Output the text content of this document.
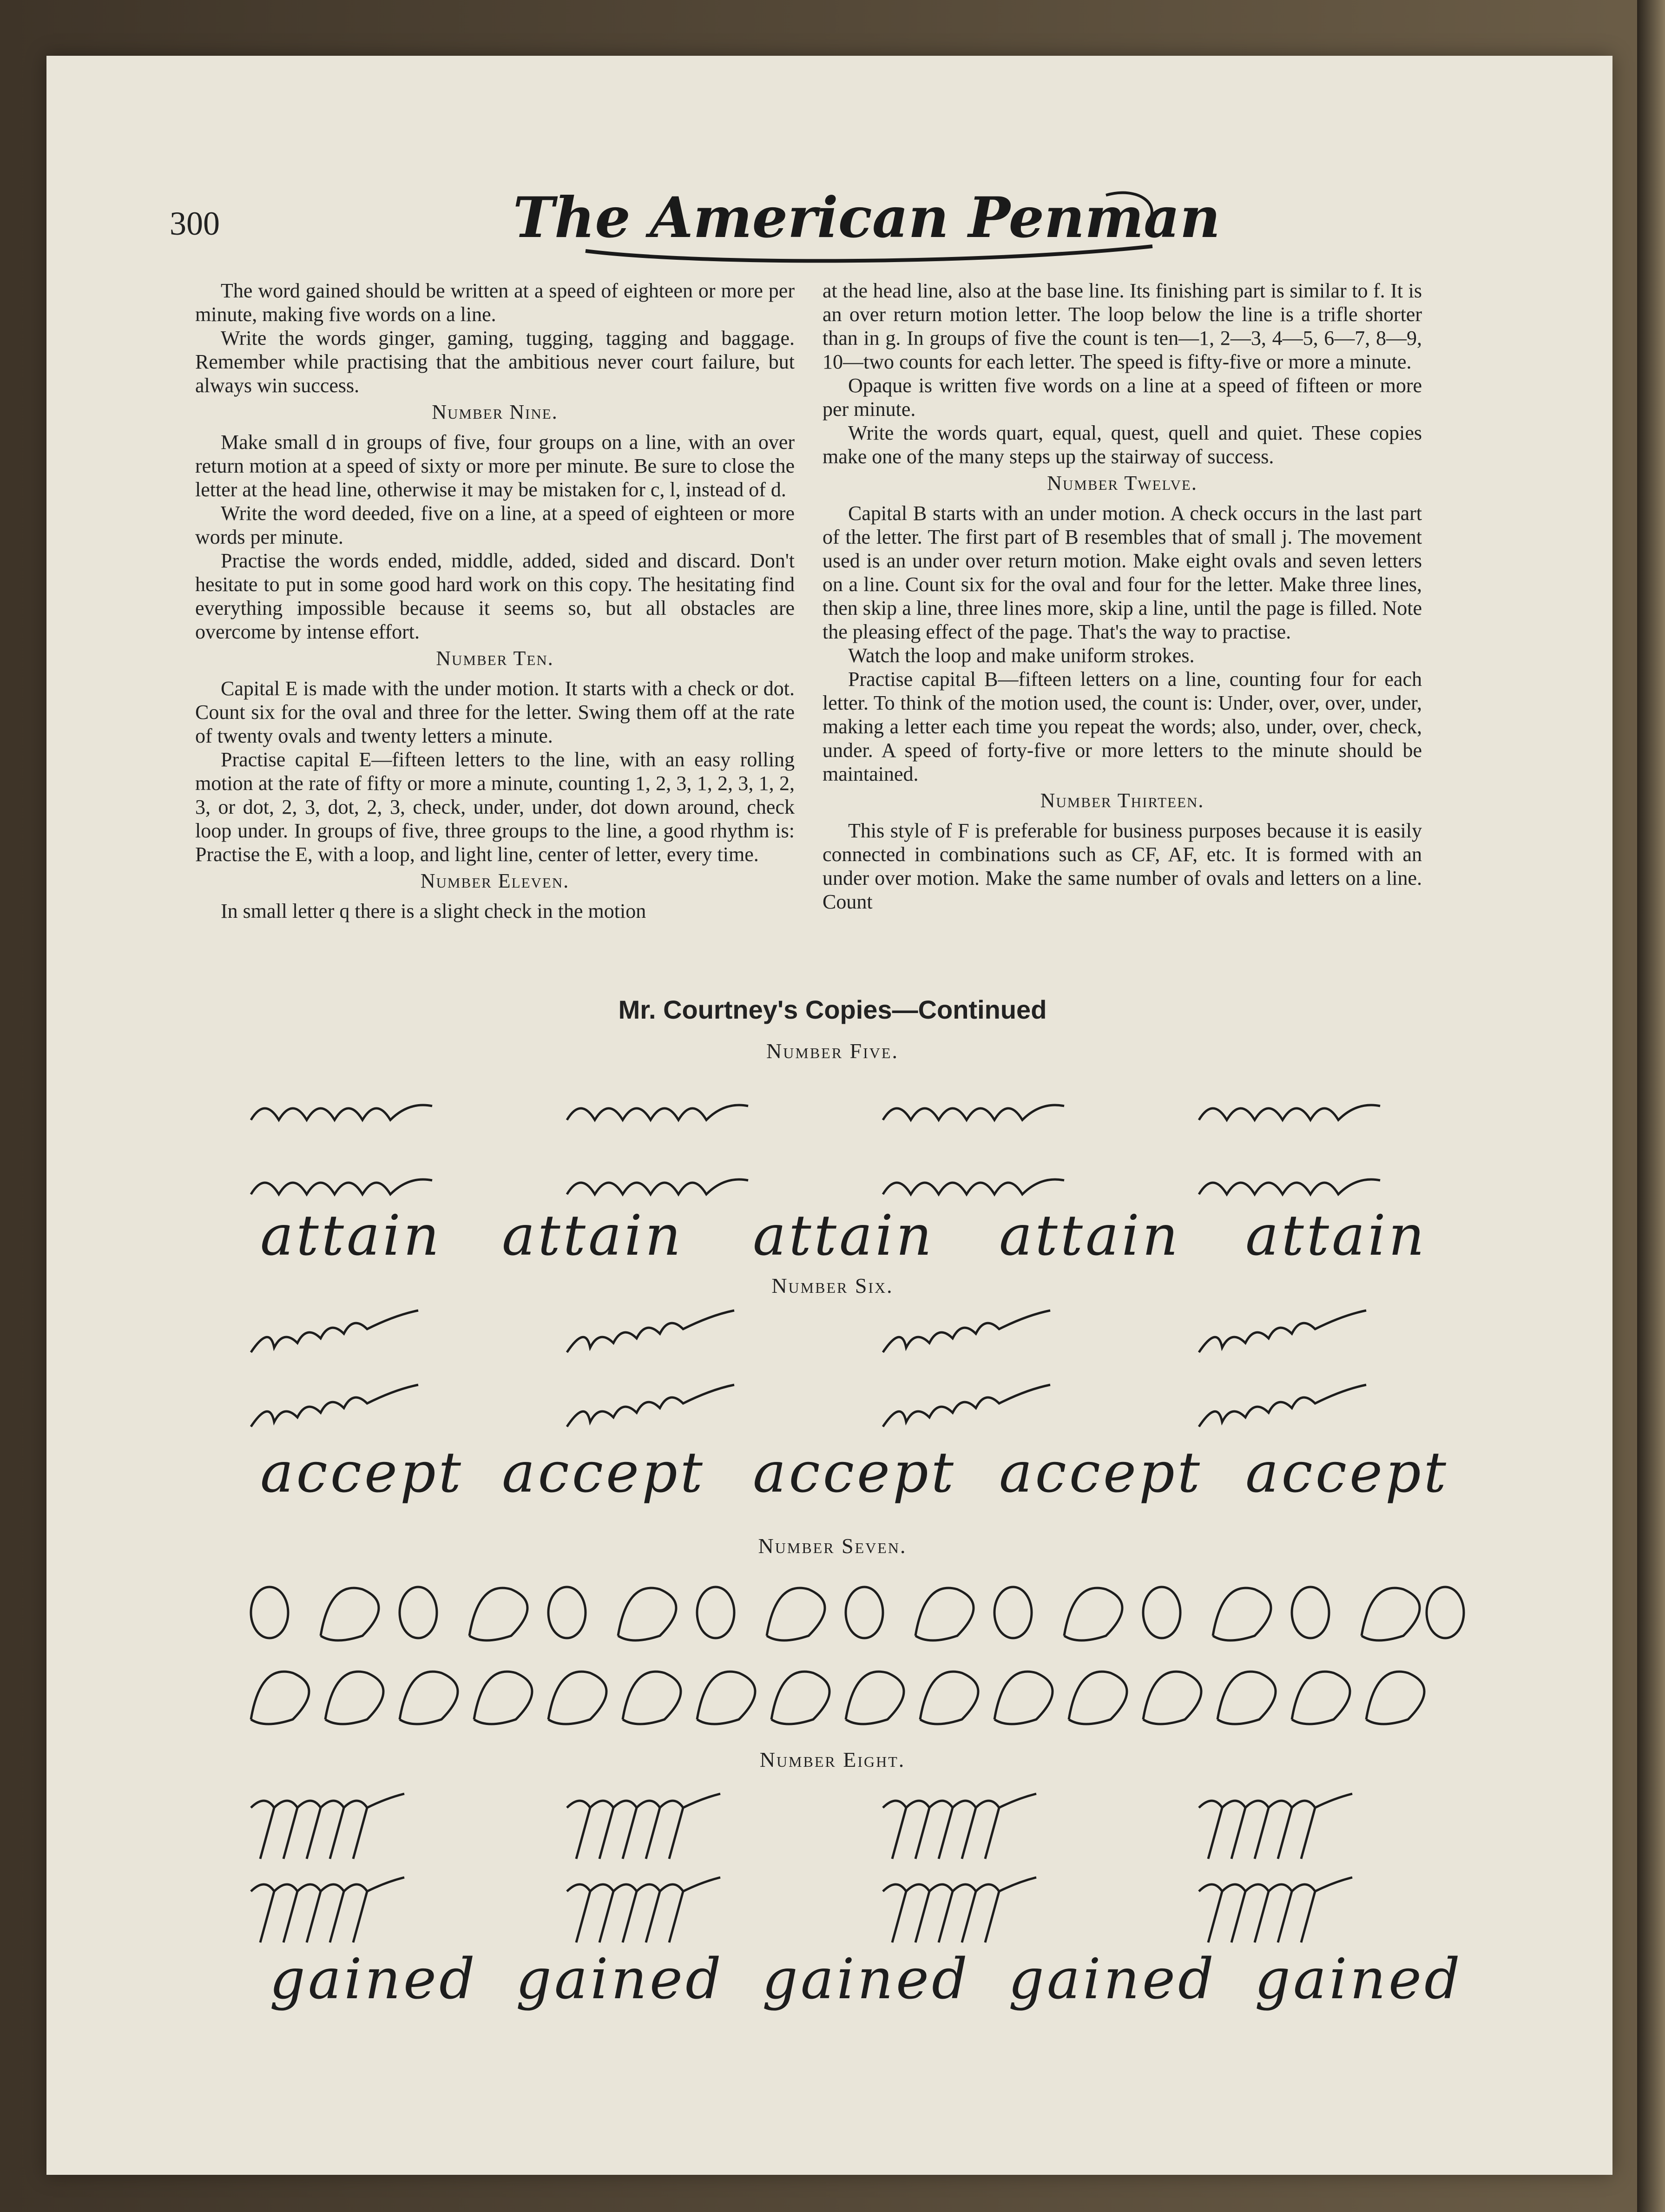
300	The American Penman

The word gained should be written at a speed of eighteen or more per minute, making five words on a line.

Write the words ginger, gaming, tugging, tagging and baggage. Remember while practising that the ambitious never court failure, but always win success.

Number Nine.

Make small d in groups of five, four groups on a line, with an over return motion at a speed of sixty or more per minute. Be sure to close the letter at the head line, otherwise it may be mistaken for c, l, instead of d.

Write the word deeded, five on a line, at a speed of eighteen or more words per minute.

Practise the words ended, middle, added, sided and discard. Don't hesitate to put in some good hard work on this copy. The hesitating find everything impossible because it seems so, but all obstacles are overcome by intense effort.

Number Ten.

Capital E is made with the under motion. It starts with a check or dot. Count six for the oval and three for the letter. Swing them off at the rate of twenty ovals and twenty letters a minute.

Practise capital E—fifteen letters to the line, with an easy rolling motion at the rate of fifty or more a minute, counting 1, 2, 3, 1, 2, 3, 1, 2, 3, or dot, 2, 3, dot, 2, 3, check, under, under, dot down around, check loop under. In groups of five, three groups to the line, a good rhythm is: Practise the E, with a loop, and light line, center of letter, every time.

Number Eleven.

In small letter q there is a slight check in the motion

at the head line, also at the base line. Its finishing part is similar to f. It is an over return motion letter. The loop below the line is a trifle shorter than in g. In groups of five the count is ten—1, 2—3, 4—5, 6—7, 8—9, 10—two counts for each letter. The speed is fifty-five or more a minute.

Opaque is written five words on a line at a speed of fifteen or more per minute.

Write the words quart, equal, quest, quell and quiet. These copies make one of the many steps up the stairway of success.

Number Twelve.

Capital B starts with an under motion. A check occurs in the last part of the letter. The first part of B resembles that of small j. The movement used is an under over return motion. Make eight ovals and seven letters on a line. Count six for the oval and four for the letter. Make three lines, then skip a line, three lines more, skip a line, until the page is filled. Note the pleasing effect of the page. That's the way to practise.

Watch the loop and make uniform strokes.

Practise capital B—fifteen letters on a line, counting four for each letter. To think of the motion used, the count is: Under, over, over, under, making a letter each time you repeat the words; also, under, over, check, under. A speed of forty-five or more letters to the minute should be maintained.

Number Thirteen.

This style of F is preferable for business purposes because it is easily connected in combinations such as CF, AF, etc. It is formed with an under over motion. Make the same number of ovals and letters on a line. Count

Mr. Courtney's Copies—Continued
Number Five.
attain attain attain attain attain
Number Six.
accept accept accept accept accept
Number Seven.
Number Eight.
gained gained gained gained gained
